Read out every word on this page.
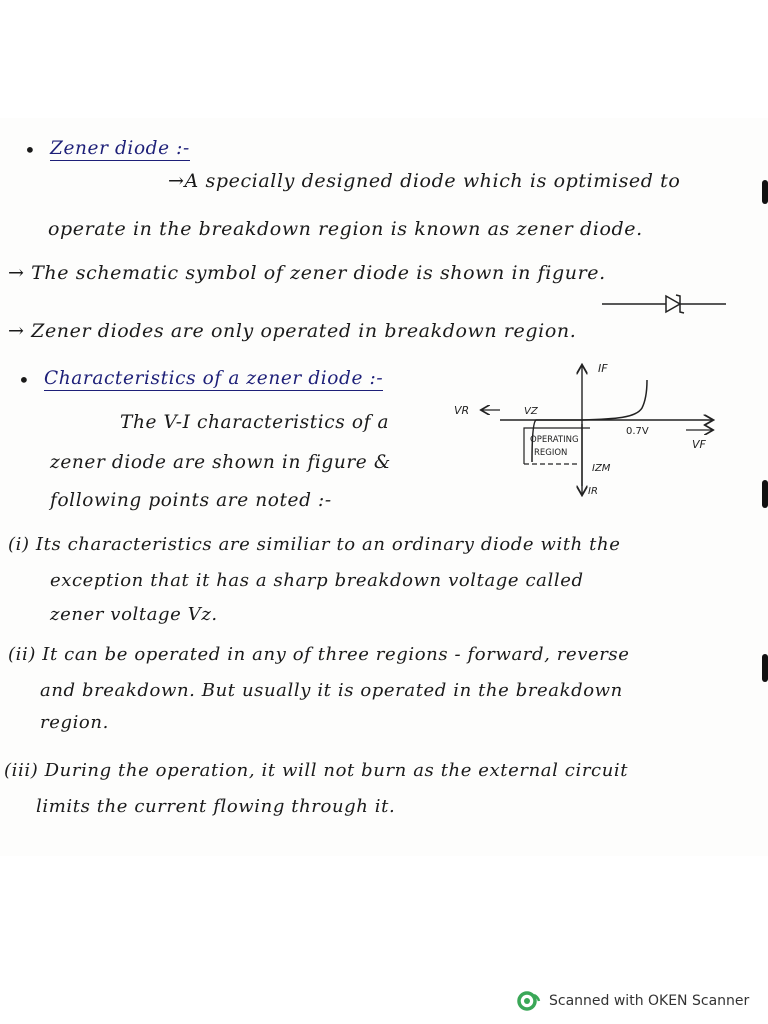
• Zener diode :-
→A specially designed diode which is optimised to
operate in the breakdown region is known as zener diode.
→ The schematic symbol of zener diode is shown in figure.
→ Zener diodes are only operated in breakdown region.
• Characteristics of a zener diode :-
The V-I characteristics of a
zener diode are shown in figure &
following points are noted :-
IF
VR	VZ
0.7V
VF
OPERATING
REGION
IZM
IR
(i) Its characteristics are similiar to an ordinary diode with the
exception that it has a sharp breakdown voltage called
zener voltage Vz.
(ii) It can be operated in any of three regions - forward, reverse
and breakdown. But usually it is operated in the breakdown
region.
(iii) During the operation, it will not burn as the external circuit
limits the current flowing through it.
Scanned with OKEN Scanner
